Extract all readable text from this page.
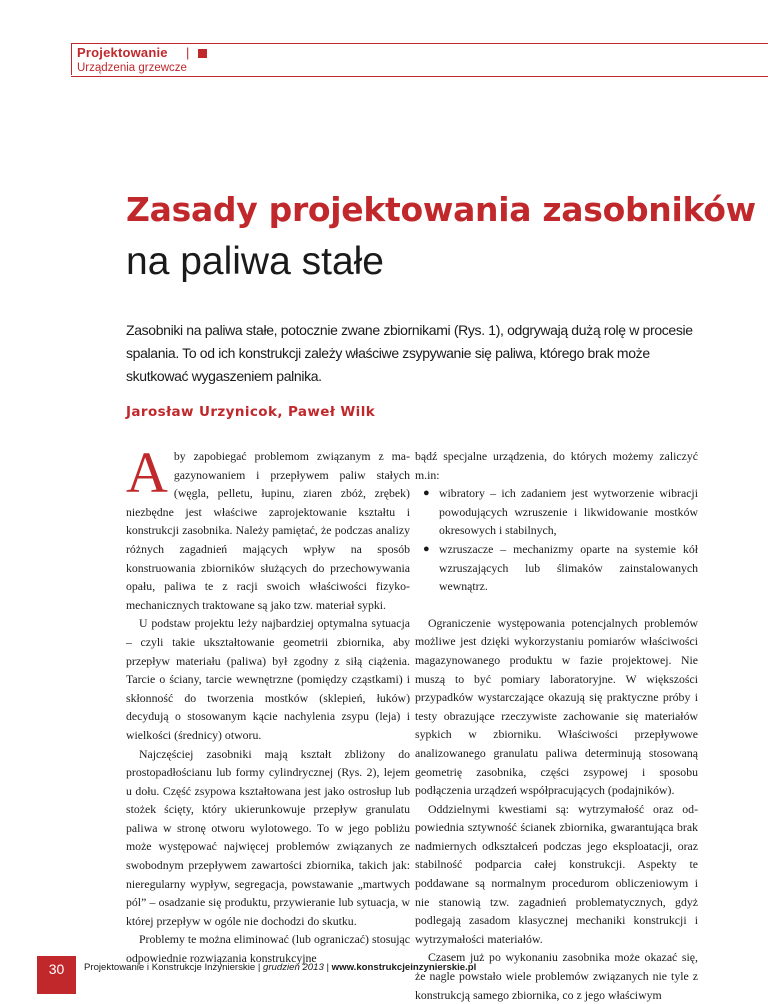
Projektowanie |
Urządzenia grzewcze
Zasady projektowania zasobników
na paliwa stałe
Zasobniki na paliwa stałe, potocznie zwane zbiornikami (Rys. 1), odgrywają dużą rolę w procesie spalania. To od ich konstrukcji zależy właściwe zsypywanie się paliwa, którego brak może skutkować wygaszeniem palnika.
Jarosław Urzynicok, Paweł Wilk

Aby zapobiegać problemom związanym z magazynowaniem i przepływem paliw stałych (węgla, pelletu, łupinu, ziaren zbóż, zrębek) niezbędne jest właściwe zaprojektowanie kształtu i konstrukcji zasobnika. Należy pamiętać, że podczas analizy różnych zagadnień mających wpływ na sposób konstruowania zbiorników służących do przechowywania opału, paliwa te z racji swoich właściwości fizyko-mechanicznych traktowane są jako tzw. materiał sypki.

U podstaw projektu leży najbardziej optymalna sytuacja – czyli takie ukształtowanie geometrii zbiornika, aby przepływ materiału (paliwa) był zgodny z siłą ciążenia. Tarcie o ściany, tarcie wewnętrzne (pomiędzy cząstkami) i skłonność do tworzenia mostków (sklepień, łuków) decydują o stosowanym kącie nachylenia zsypu (leja) i wielkości (średnicy) otworu.

Najczęściej zasobniki mają kształt zbliżony do prostopadłościanu lub formy cylindrycznej (Rys. 2), lejem u dołu. Część zsypowa kształtowana jest jako ostrosłup lub stożek ścięty, który ukierunkowuje przepływ granulatu paliwa w stronę otworu wylotowego. To w jego pobliżu może występować najwięcej problemów związanych ze swobodnym przepływem zawartości zbiornika, takich jak: nieregularny wypływ, segregacja, powstawanie „martwych pól” – osadzanie się produktu, przywieranie lub sytuacja, w której przepływ w ogóle nie dochodzi do skutku.

Problemy te można eliminować (lub ograniczać) stosując odpowiednie rozwiązania konstrukcyjne

bądź specjalne urządzenia, do których możemy zaliczyć m.in:

● wibratory – ich zadaniem jest wytworzenie wibracji powodujących wzruszenie i likwidowanie mostków okresowych i stabilnych,
● wzruszacze – mechanizmy oparte na systemie kół wzruszających lub ślimaków zainstalowanych wewnątrz.

Ograniczenie występowania potencjalnych problemów możliwe jest dzięki wykorzystaniu pomiarów właściwości magazynowanego produktu w fazie projektowej. Nie muszą to być pomiary laboratoryjne. W większości przypadków wystarczające okazują się praktyczne próby i testy obrazujące rzeczywiste zachowanie się materiałów sypkich w zbiorniku. Właściwości przepływowe analizowanego granulatu paliwa determinują stosowaną geometrię zasobnika, części zsypowej i sposobu podłączenia urządzeń współpracujących (podajników).

Oddzielnymi kwestiami są: wytrzymałość oraz odpowiednia sztywność ścianek zbiornika, gwarantująca brak nadmiernych odkształceń podczas jego eksploatacji, oraz stabilność podparcia całej konstrukcji. Aspekty te poddawane są normalnym procedurom obliczeniowym i nie stanowią tzw. zagadnień problematycznych, gdyż podlegają zasadom klasycznej mechaniki konstrukcji i wytrzymałości materiałów.

Czasem już po wykonaniu zasobnika może okazać się, że nagle powstało wiele problemów związanych nie tyle z konstrukcją samego zbiornika, co z jego właściwym

30	Projektowanie i Konstrukcje Inżynierskie | grudzień 2013 | www.konstrukcjeinzynierskie.pl
